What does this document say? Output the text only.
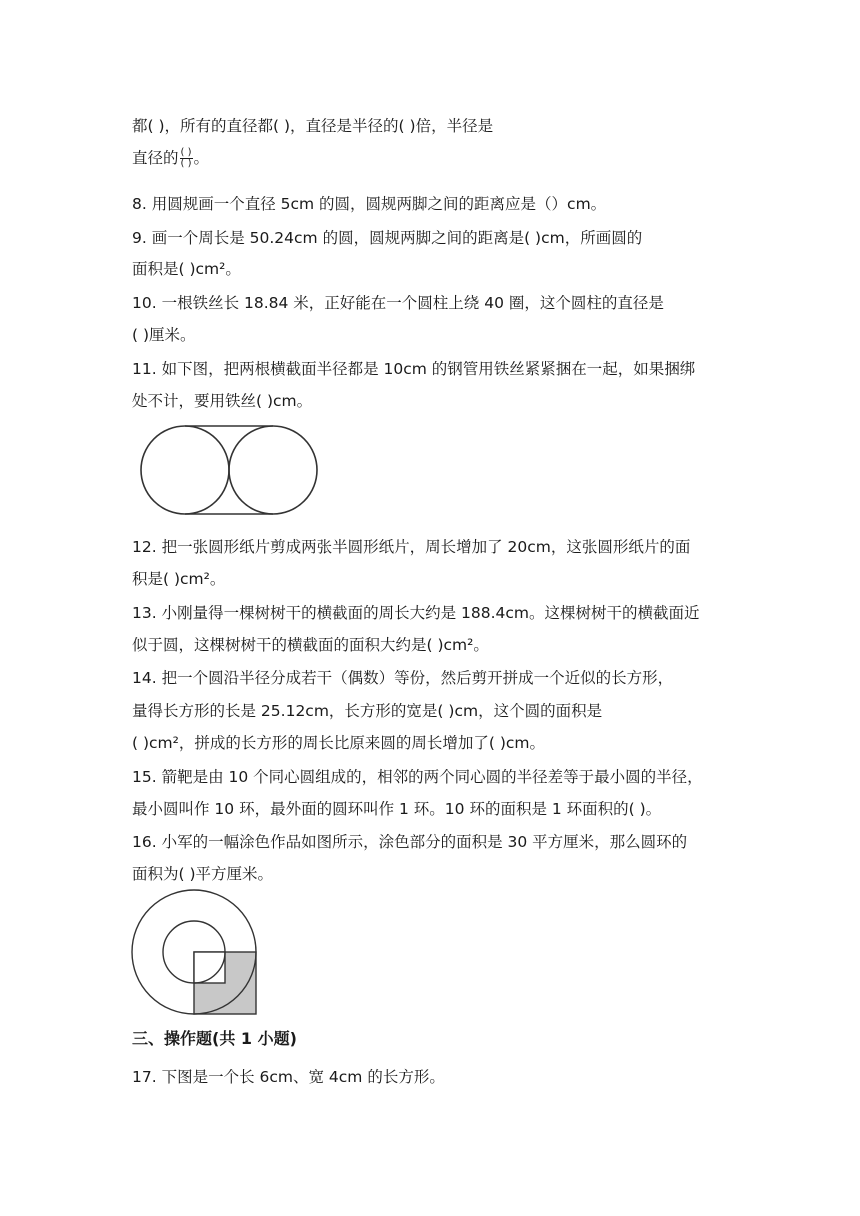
都( )，所有的直径都( )，直径是半径的( )倍，半径是
直径的 $\frac{( )}{( )}$ 。
8. 用圆规画一个直径 5cm 的圆，圆规两脚之间的距离应是（）cm。
9. 画一个周长是 50.24cm 的圆，圆规两脚之间的距离是( )cm，所画圆的
面积是( )cm²。
10. 一根铁丝长 18.84 米，正好能在一个圆柱上绕 40 圈，这个圆柱的直径是
( )厘米。
11. 如下图，把两根横截面半径都是 10cm 的钢管用铁丝紧紧捆在一起，如果捆绑
处不计，要用铁丝( )cm。
12. 把一张圆形纸片剪成两张半圆形纸片，周长增加了 20cm，这张圆形纸片的面
积是( )cm²。
13. 小刚量得一棵树树干的横截面的周长大约是 188.4cm。这棵树树干的横截面近
似于圆，这棵树树干的横截面的面积大约是( )cm²。
14. 把一个圆沿半径分成若干（偶数）等份，然后剪开拼成一个近似的长方形，
量得长方形的长是 25.12cm，长方形的宽是( )cm，这个圆的面积是
( )cm²，拼成的长方形的周长比原来圆的周长增加了( )cm。
15. 箭靶是由 10 个同心圆组成的，相邻的两个同心圆的半径差等于最小圆的半径，
最小圆叫作 10 环，最外面的圆环叫作 1 环。10 环的面积是 1 环面积的( )。
16. 小军的一幅涂色作品如图所示，涂色部分的面积是 30 平方厘米，那么圆环的
面积为( )平方厘米。
三、操作题(共 1 小题)
17. 下图是一个长 6cm、宽 4cm 的长方形。
